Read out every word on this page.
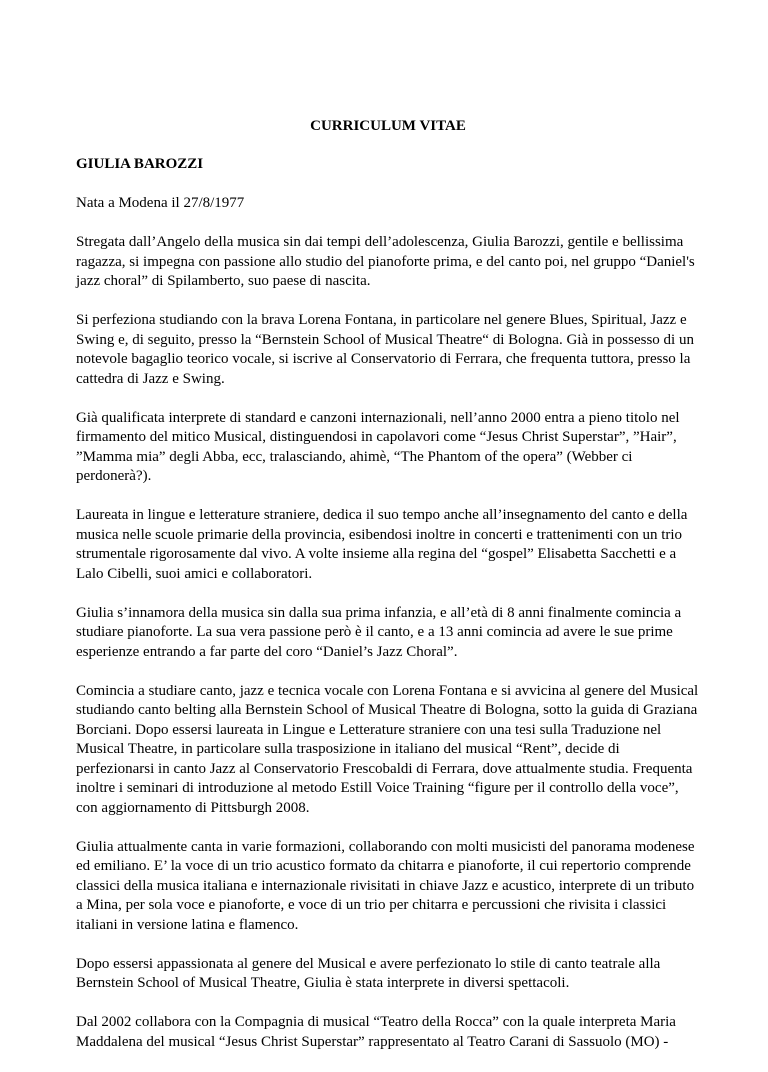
CURRICULUM VITAE

GIULIA BAROZZI

Nata a Modena il 27/8/1977

Stregata dall’Angelo della musica sin dai tempi dell’adolescenza, Giulia Barozzi, gentile e bellissima ragazza, si impegna con passione allo studio del pianoforte prima, e del canto poi, nel gruppo “Daniel's jazz choral” di Spilamberto, suo paese di nascita.

Si perfeziona studiando con la brava Lorena Fontana, in particolare nel genere Blues, Spiritual, Jazz e Swing e, di seguito, presso la “Bernstein School of Musical Theatre“ di Bologna. Già in possesso di un notevole bagaglio teorico vocale, si iscrive al Conservatorio di Ferrara, che frequenta tuttora, presso la cattedra di Jazz e Swing.

Già qualificata interprete di standard e canzoni internazionali, nell’anno 2000 entra a pieno titolo nel firmamento del mitico Musical, distinguendosi in capolavori come “Jesus Christ Superstar”, ”Hair”, ”Mamma mia” degli Abba, ecc, tralasciando, ahimè, “The Phantom of the opera” (Webber ci perdonerà?).

Laureata in lingue e letterature straniere, dedica il suo tempo anche all’insegnamento del canto e della musica nelle scuole primarie della provincia, esibendosi inoltre in concerti e trattenimenti con un trio strumentale rigorosamente dal vivo. A volte insieme alla regina del “gospel” Elisabetta Sacchetti e a Lalo Cibelli, suoi amici e collaboratori.

Giulia s’innamora della musica sin dalla sua prima infanzia, e all’età di 8 anni finalmente comincia a studiare pianoforte. La sua vera passione però è il canto, e a 13 anni comincia ad avere le sue prime esperienze entrando a far parte del coro “Daniel’s Jazz Choral”.

Comincia a studiare canto, jazz e tecnica vocale con Lorena Fontana e si avvicina al genere del Musical studiando canto belting alla Bernstein School of Musical Theatre di Bologna, sotto la guida di Graziana Borciani. Dopo essersi laureata in Lingue e Letterature straniere con una tesi sulla Traduzione nel Musical Theatre, in particolare sulla trasposizione in italiano del musical “Rent”, decide di perfezionarsi in canto Jazz al Conservatorio Frescobaldi di Ferrara, dove attualmente studia. Frequenta inoltre i seminari di introduzione al metodo Estill Voice Training “figure per il controllo della voce”, con aggiornamento di Pittsburgh 2008.

Giulia attualmente canta in varie formazioni, collaborando con molti musicisti del panorama modenese ed emiliano. E’ la voce di un trio acustico formato da chitarra e pianoforte, il cui repertorio comprende classici della musica italiana e internazionale rivisitati in chiave Jazz e acustico, interprete di un tributo a Mina, per sola voce e pianoforte, e voce di un trio per chitarra e percussioni che rivisita i classici italiani in versione latina e flamenco.

Dopo essersi appassionata al genere del Musical e avere perfezionato lo stile di canto teatrale alla Bernstein School of Musical Theatre, Giulia è stata interprete in diversi spettacoli.

Dal 2002 collabora con la Compagnia di musical “Teatro della Rocca” con la quale interpreta Maria Maddalena del musical “Jesus Christ Superstar” rappresentato al Teatro Carani di Sassuolo (MO) -
